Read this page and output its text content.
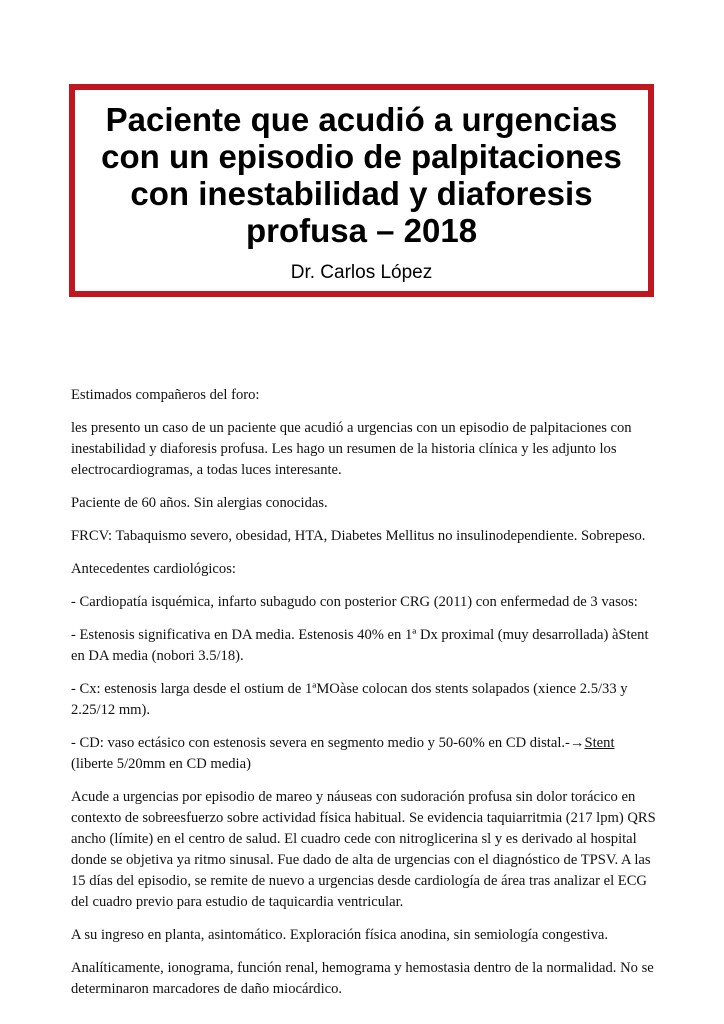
Paciente que acudió a urgencias con un episodio de palpitaciones con inestabilidad y diaforesis profusa – 2018
Dr. Carlos López

Estimados compañeros del foro:

les presento un caso de un paciente que acudió a urgencias con un episodio de palpitaciones con inestabilidad y diaforesis profusa. Les hago un resumen de la historia clínica y les adjunto los electrocardiogramas, a todas luces interesante.

Paciente de 60 años. Sin alergias conocidas.

FRCV: Tabaquismo severo, obesidad, HTA, Diabetes Mellitus no insulinodependiente. Sobrepeso.

Antecedentes cardiológicos:

- Cardiopatía isquémica, infarto subagudo con posterior CRG (2011) con enfermedad de 3 vasos:

- Estenosis significativa en DA media. Estenosis 40% en 1ª Dx proximal (muy desarrollada) àStent en DA media (nobori 3.5/18).

- Cx: estenosis larga desde el ostium de 1ªMOàse colocan dos stents solapados (xience 2.5/33 y 2.25/12 mm).

- CD: vaso ectásico con estenosis severa en segmento medio y 50-60% en CD distal.-→Stent
(liberte 5/20mm en CD media)

Acude a urgencias por episodio de mareo y náuseas con sudoración profusa sin dolor torácico en contexto de sobreesfuerzo sobre actividad física habitual. Se evidencia taquiarritmia (217 lpm) QRS ancho (límite) en el centro de salud. El cuadro cede con nitroglicerina sl y es derivado al hospital donde se objetiva ya ritmo sinusal. Fue dado de alta de urgencias con el diagnóstico de TPSV. A las 15 días del episodio, se remite de nuevo a urgencias desde cardiología de área tras analizar el ECG del cuadro previo para estudio de taquicardia ventricular.

A su ingreso en planta, asintomático. Exploración física anodina, sin semiología congestiva.

Analíticamente, ionograma, función renal, hemograma y hemostasia dentro de la normalidad. No se determinaron marcadores de daño miocárdico.
